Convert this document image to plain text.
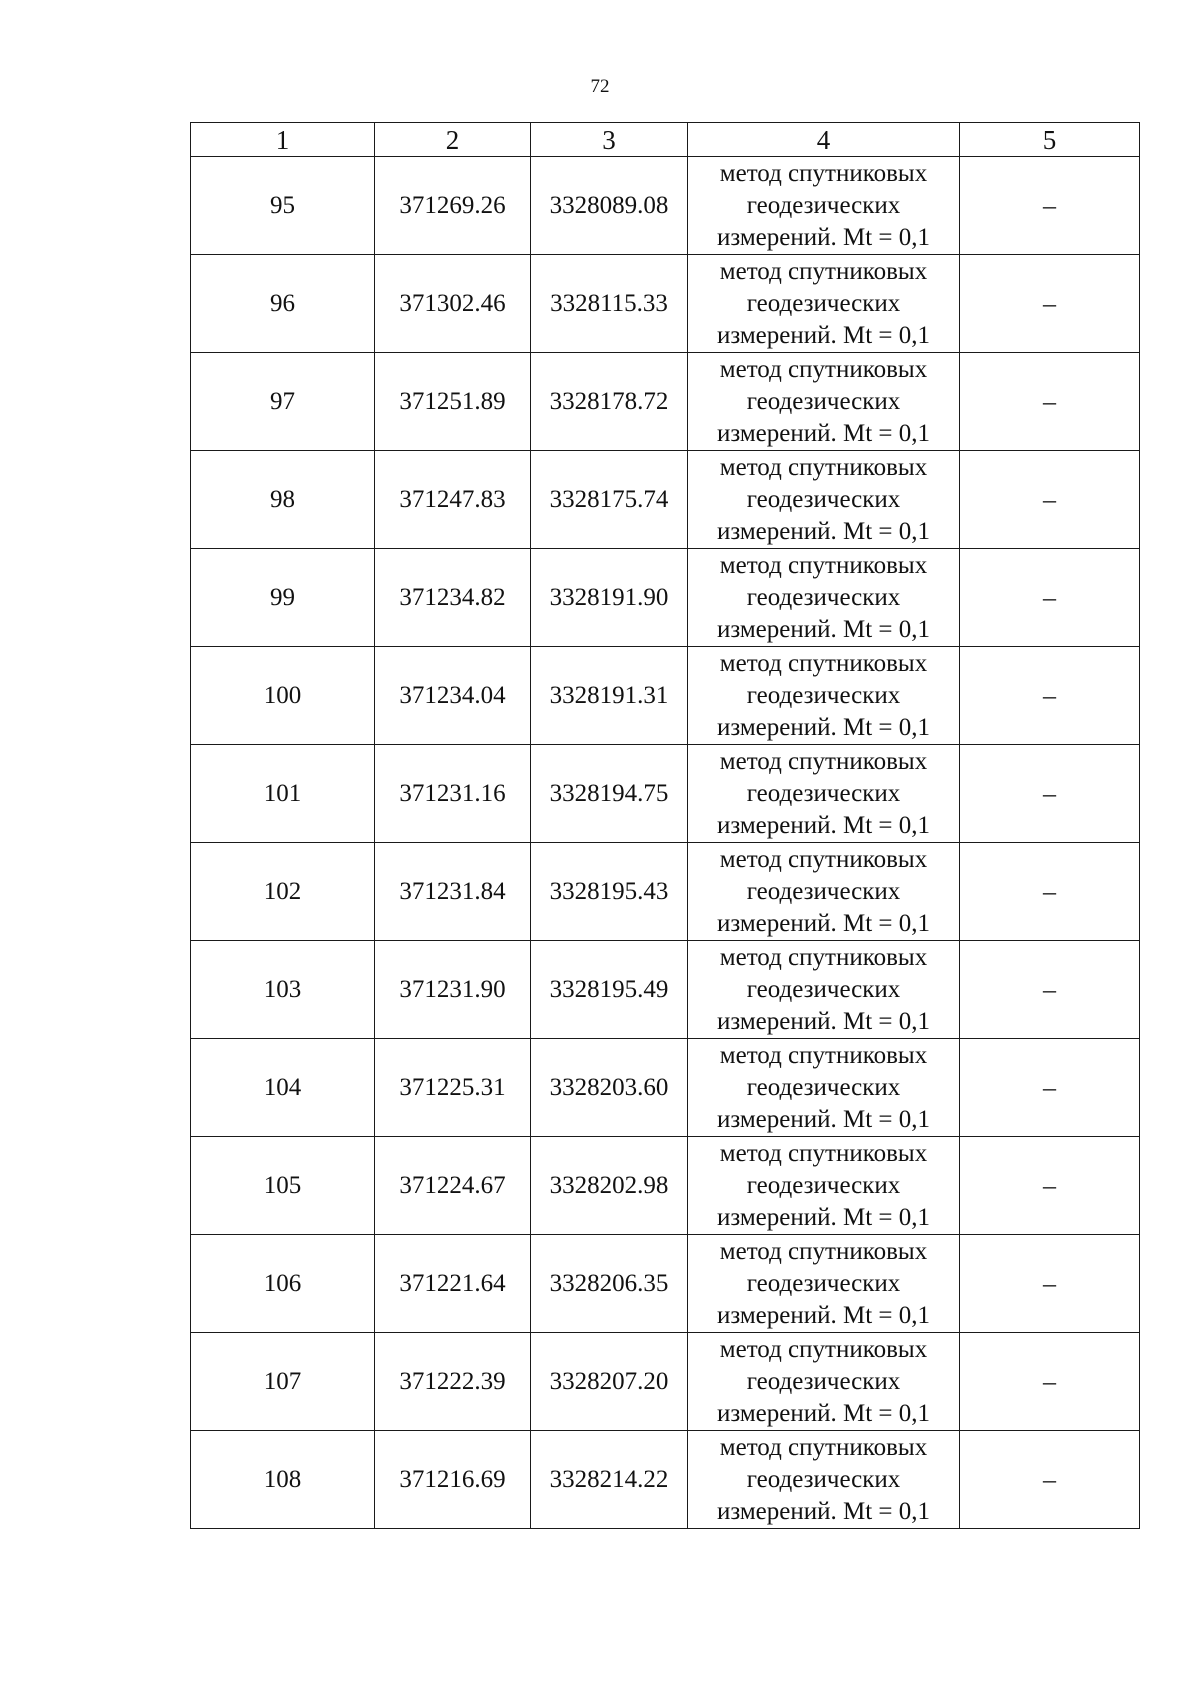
72
1	2	3	4	5
95	371269.26	3328089.08	метод спутниковых
геодезических
измерений. Mt = 0,1	–
96	371302.46	3328115.33	метод спутниковых
геодезических
измерений. Mt = 0,1	–
97	371251.89	3328178.72	метод спутниковых
геодезических
измерений. Mt = 0,1	–
98	371247.83	3328175.74	метод спутниковых
геодезических
измерений. Mt = 0,1	–
99	371234.82	3328191.90	метод спутниковых
геодезических
измерений. Mt = 0,1	–
100	371234.04	3328191.31	метод спутниковых
геодезических
измерений. Mt = 0,1	–
101	371231.16	3328194.75	метод спутниковых
геодезических
измерений. Mt = 0,1	–
102	371231.84	3328195.43	метод спутниковых
геодезических
измерений. Mt = 0,1	–
103	371231.90	3328195.49	метод спутниковых
геодезических
измерений. Mt = 0,1	–
104	371225.31	3328203.60	метод спутниковых
геодезических
измерений. Mt = 0,1	–
105	371224.67	3328202.98	метод спутниковых
геодезических
измерений. Mt = 0,1	–
106	371221.64	3328206.35	метод спутниковых
геодезических
измерений. Mt = 0,1	–
107	371222.39	3328207.20	метод спутниковых
геодезических
измерений. Mt = 0,1	–
108	371216.69	3328214.22	метод спутниковых
геодезических
измерений. Mt = 0,1	–
